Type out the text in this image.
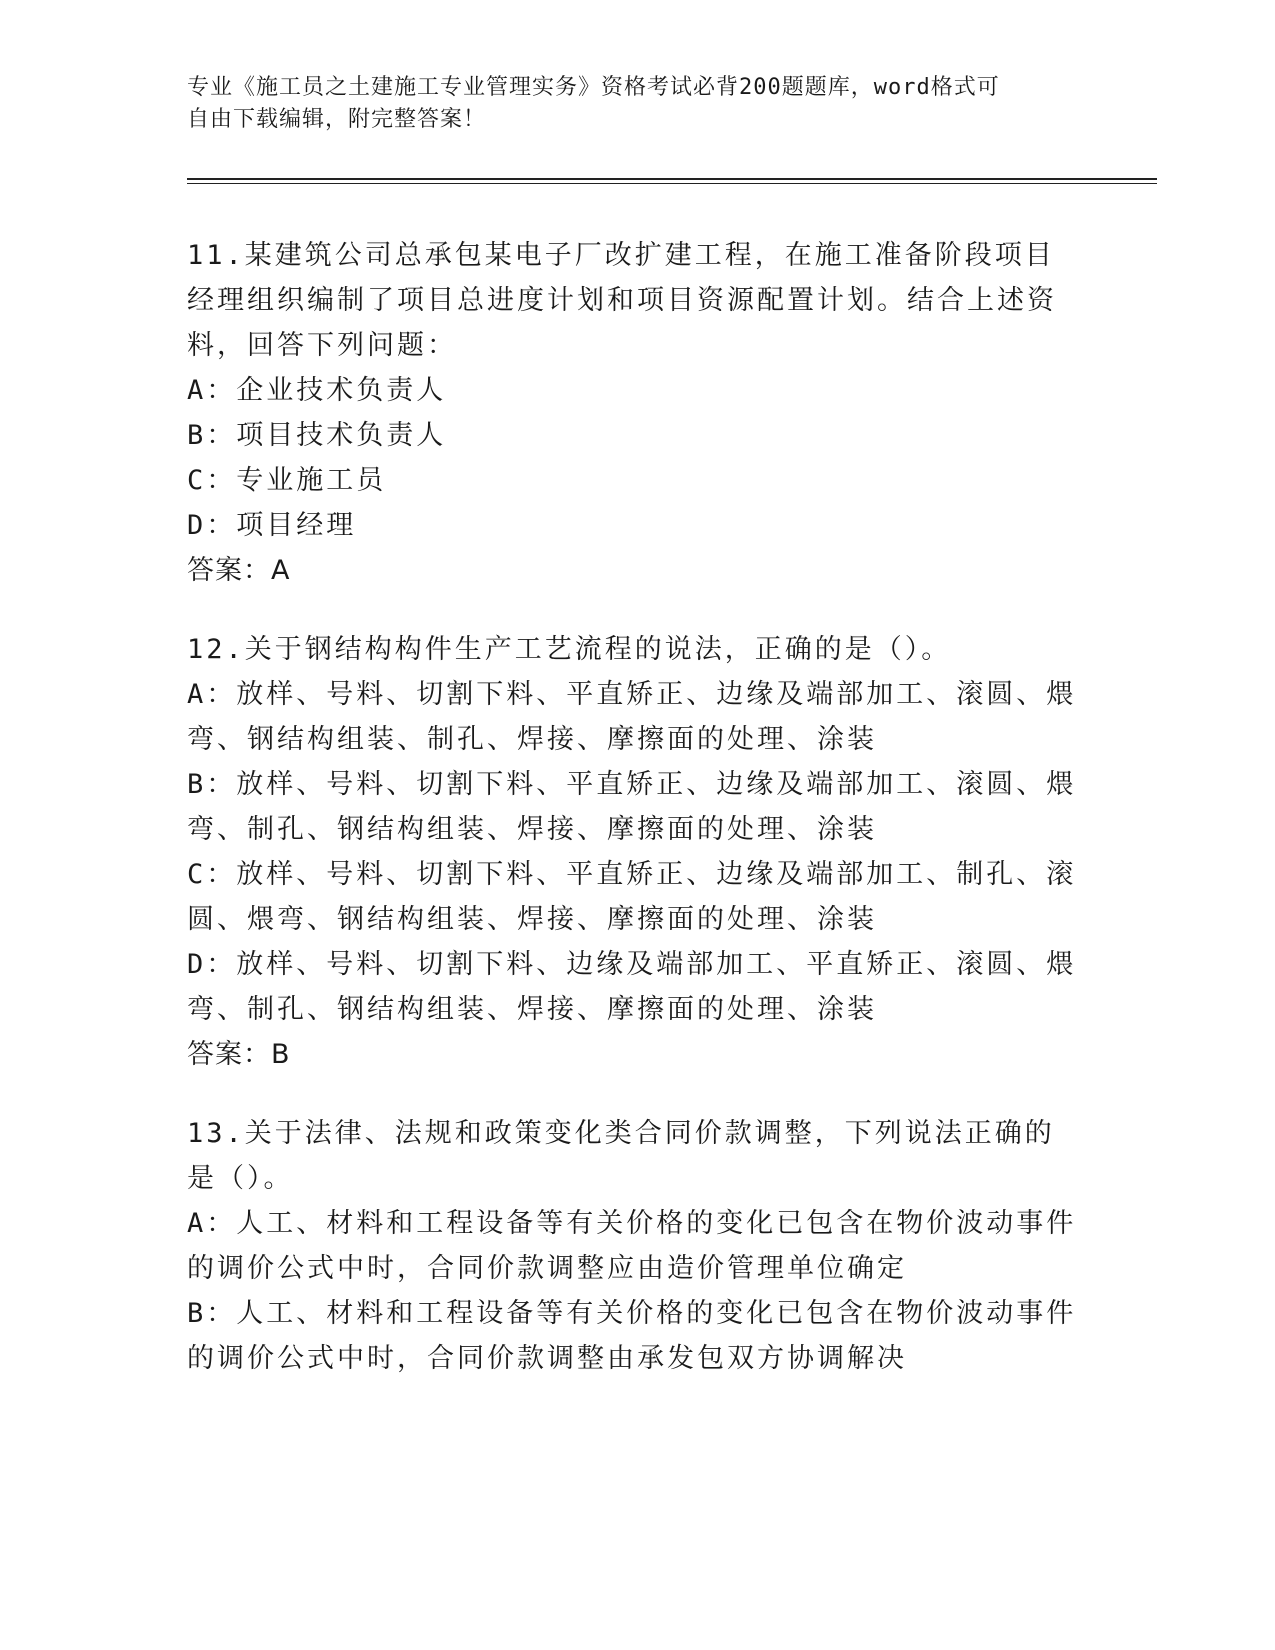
专业《施工员之土建施工专业管理实务》资格考试必背200题题库，word格式可
自由下载编辑，附完整答案！
11.某建筑公司总承包某电子厂改扩建工程，在施工准备阶段项目经理组织编制了项目总进度计划和项目资源配置计划。结合上述资料，回答下列问题：
A：企业技术负责人
B：项目技术负责人
C：专业施工员
D：项目经理
答案：A
12.关于钢结构构件生产工艺流程的说法，正确的是（）。
A：放样、号料、切割下料、平直矫正、边缘及端部加工、滚圆、煨弯、钢结构组装、制孔、焊接、摩擦面的处理、涂装
B：放样、号料、切割下料、平直矫正、边缘及端部加工、滚圆、煨弯、制孔、钢结构组装、焊接、摩擦面的处理、涂装
C：放样、号料、切割下料、平直矫正、边缘及端部加工、制孔、滚圆、煨弯、钢结构组装、焊接、摩擦面的处理、涂装
D：放样、号料、切割下料、边缘及端部加工、平直矫正、滚圆、煨弯、制孔、钢结构组装、焊接、摩擦面的处理、涂装
答案：B
13.关于法律、法规和政策变化类合同价款调整，下列说法正确的是（）。
A：人工、材料和工程设备等有关价格的变化已包含在物价波动事件的调价公式中时，合同价款调整应由造价管理单位确定
B：人工、材料和工程设备等有关价格的变化已包含在物价波动事件的调价公式中时，合同价款调整由承发包双方协调解决
